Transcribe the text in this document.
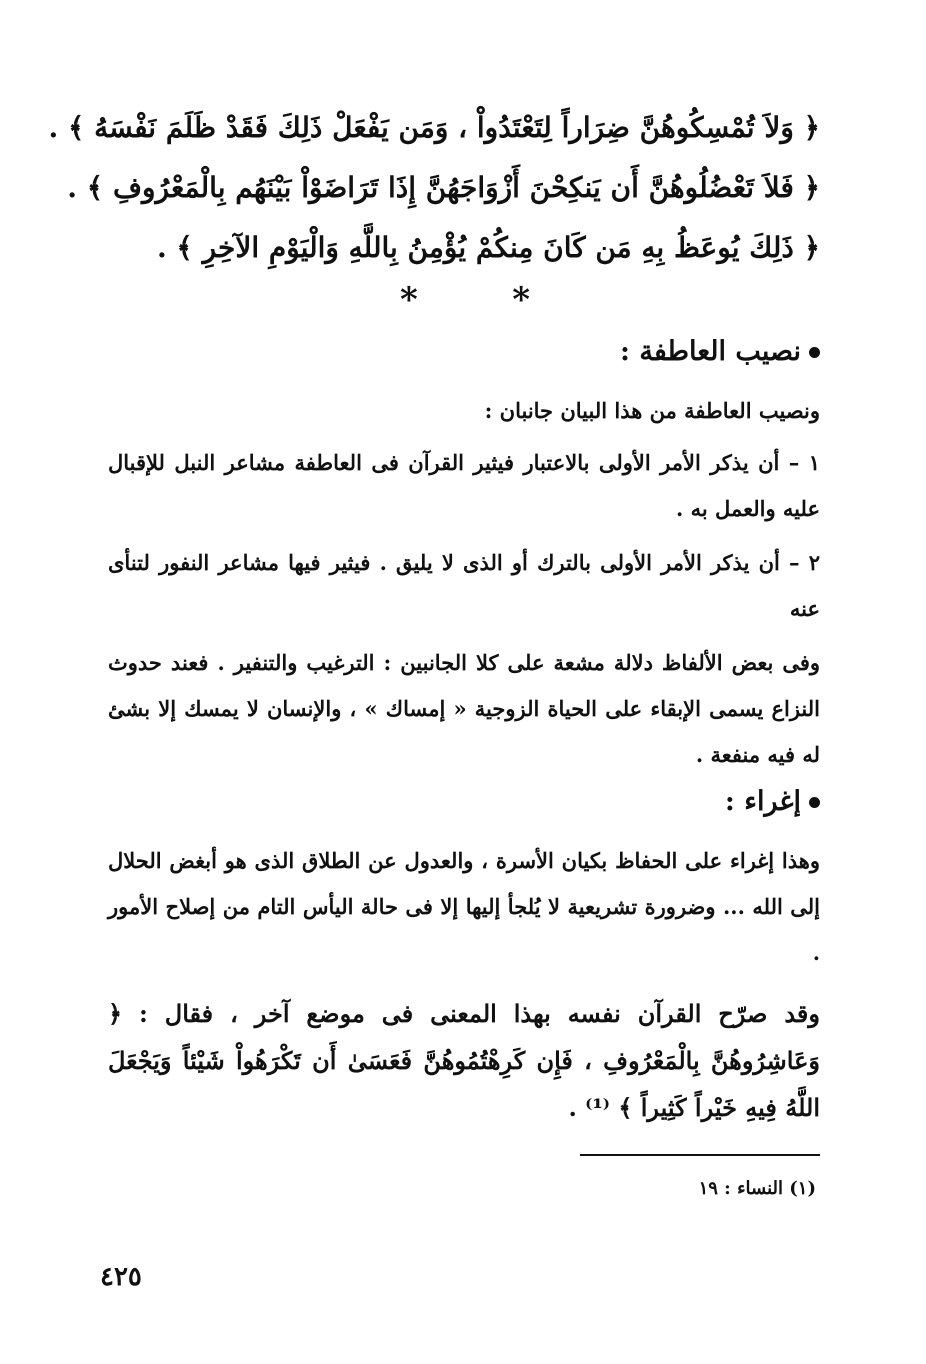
﴿ وَلاَ تُمْسِكُوهُنَّ ضِرَاراً لِتَعْتَدُواْ ، وَمَن يَفْعَلْ ذَلِكَ فَقَدْ ظَلَمَ نَفْسَهُ ﴾ .
﴿ فَلاَ تَعْضُلُوهُنَّ أَن يَنكِحْنَ أَزْوَاجَهُنَّ إِذَا تَرَاضَوْاْ بَيْنَهُم بِالْمَعْرُوفِ ﴾ .
﴿ ذَلِكَ يُوعَظُ بِهِ مَن كَانَ مِنكُمْ يُؤْمِنُ بِاللَّهِ وَالْيَوْمِ الآخِرِ ﴾ .
*	*
نصيب العاطفة :
ونصيب العاطفة من هذا البيان جانبان :
١ – أن يذكر الأمر الأولى بالاعتبار فيثير القرآن فى العاطفة مشاعر النبل للإقبال عليه والعمل به .
٢ – أن يذكر الأمر الأولى بالترك أو الذى لا يليق . فيثير فيها مشاعر النفور لتنأى عنه
وفى بعض الألفاظ دلالة مشعة على كلا الجانبين : الترغيب والتنفير . فعند حدوث النزاع يسمى الإبقاء على الحياة الزوجية « إمساك » ، والإنسان لا يمسك إلا بشئ له فيه منفعة .
إغراء :
وهذا إغراء على الحفاظ بكيان الأسرة ، والعدول عن الطلاق الذى هو أبغض الحلال إلى الله ... وضرورة تشريعية لا يُلجأ إليها إلا فى حالة اليأس التام من إصلاح الأمور .
وقد صرّح القرآن نفسه بهذا المعنى فى موضع آخر ، فقال : ﴿ وَعَاشِرُوهُنَّ بِالْمَعْرُوفِ ، فَإِن كَرِهْتُمُوهُنَّ فَعَسَىٰ أَن تَكْرَهُواْ شَيْئاً وَيَجْعَلَ اللَّهُ فِيهِ خَيْراً كَثِيراً ﴾ ⁽¹⁾ .
(١) النساء : ١٩
٤٢٥
